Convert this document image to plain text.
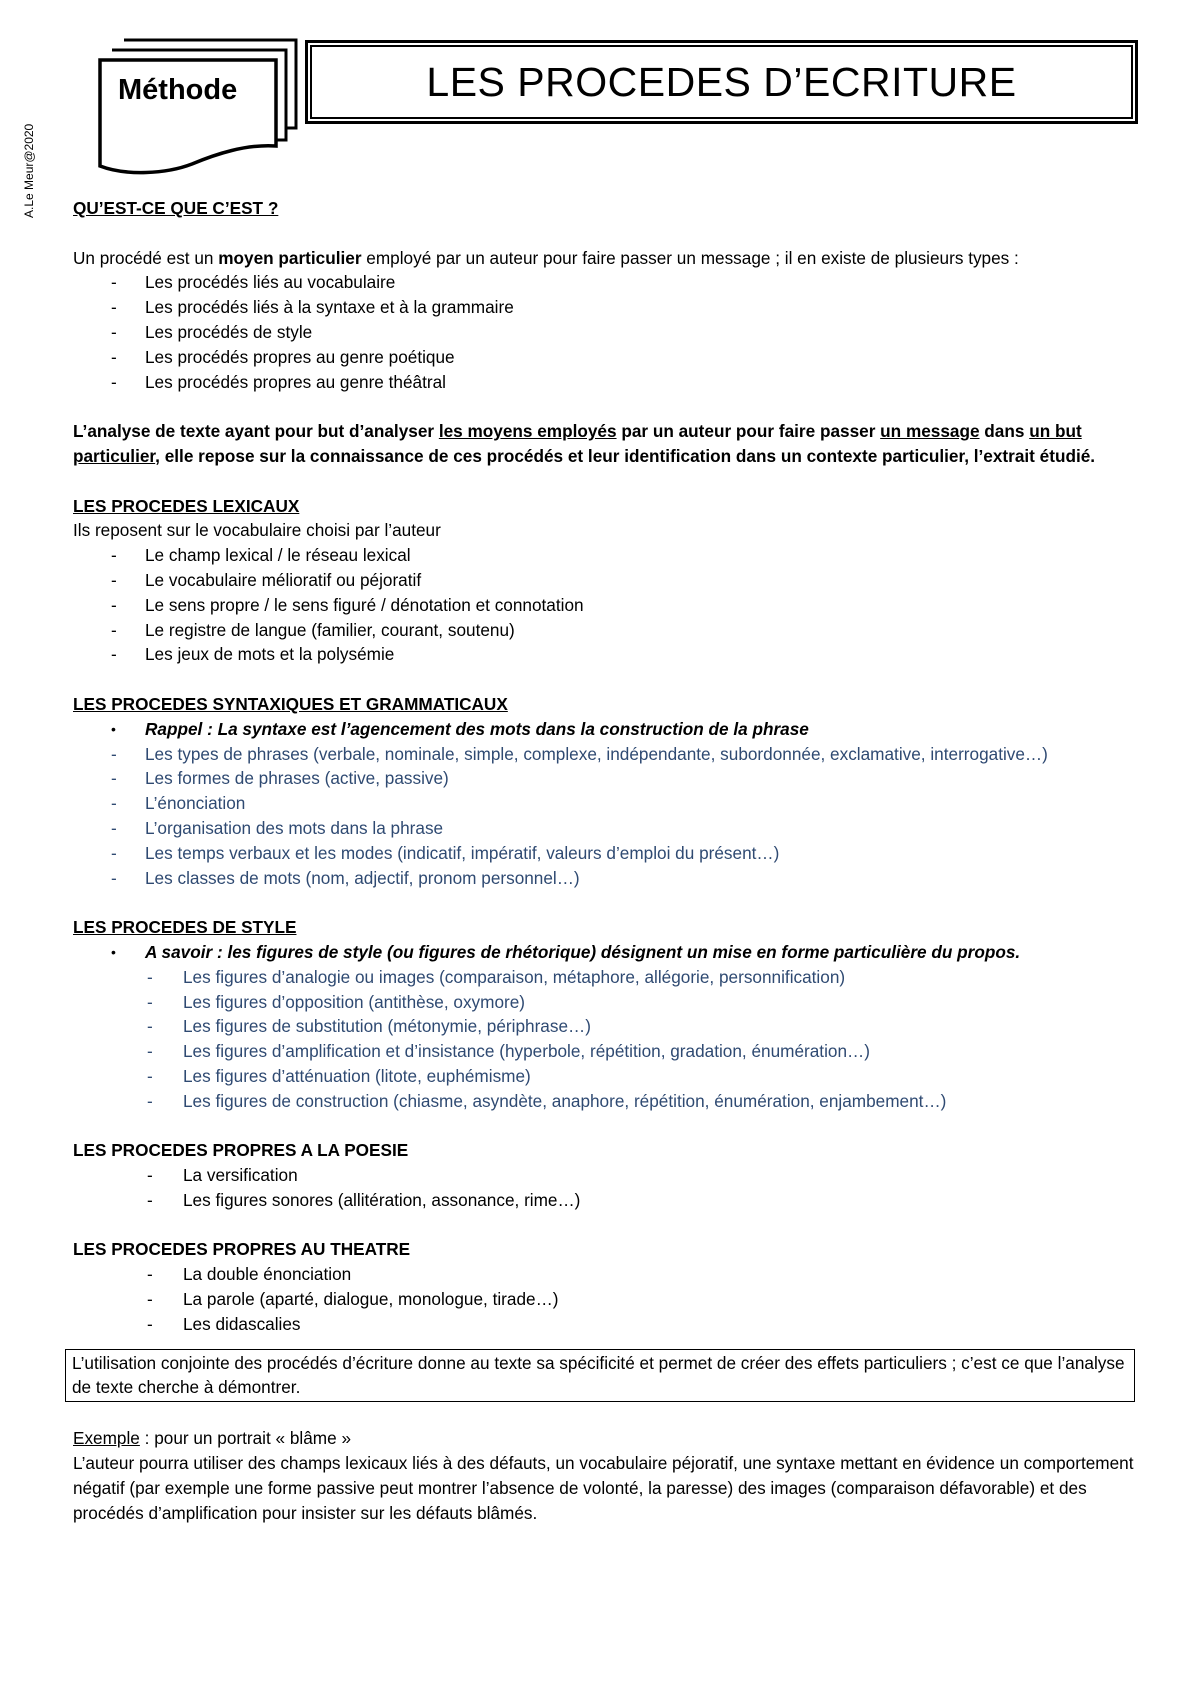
A.Le Meur@2020
Méthode	LES PROCEDES D’ECRITURE
QU’EST-CE QUE C’EST ?
Un procédé est un moyen particulier employé par un auteur pour faire passer un message ; il en existe de plusieurs types :
- Les procédés liés au vocabulaire
- Les procédés liés à la syntaxe et à la grammaire
- Les procédés de style
- Les procédés propres au genre poétique
- Les procédés propres au genre théâtral
L’analyse de texte ayant pour but d’analyser les moyens employés par un auteur pour faire passer un message dans un but
particulier, elle repose sur la connaissance de ces procédés et leur identification dans un contexte particulier, l’extrait étudié.
LES PROCEDES LEXICAUX
Ils reposent sur le vocabulaire choisi par l’auteur
- Le champ lexical / le réseau lexical
- Le vocabulaire mélioratif ou péjoratif
- Le sens propre / le sens figuré / dénotation et connotation
- Le registre de langue (familier, courant, soutenu)
- Les jeux de mots et la polysémie
LES PROCEDES SYNTAXIQUES ET GRAMMATICAUX
• Rappel : La syntaxe est l’agencement des mots dans la construction de la phrase
- Les types de phrases (verbale, nominale, simple, complexe, indépendante, subordonnée, exclamative, interrogative…)
- Les formes de phrases (active, passive)
- L’énonciation
- L’organisation des mots dans la phrase
- Les temps verbaux et les modes (indicatif, impératif, valeurs d’emploi du présent…)
- Les classes de mots (nom, adjectif, pronom personnel…)
LES PROCEDES DE STYLE
• A savoir : les figures de style (ou figures de rhétorique) désignent un mise en forme particulière du propos.
- Les figures d’analogie ou images (comparaison, métaphore, allégorie, personnification)
- Les figures d’opposition (antithèse, oxymore)
- Les figures de substitution (métonymie, périphrase…)
- Les figures d’amplification et d’insistance (hyperbole, répétition, gradation, énumération…)
- Les figures d’atténuation (litote, euphémisme)
- Les figures de construction (chiasme, asyndète, anaphore, répétition, énumération, enjambement…)
LES PROCEDES PROPRES A LA POESIE
- La versification
- Les figures sonores (allitération, assonance, rime…)
LES PROCEDES PROPRES AU THEATRE
- La double énonciation
- La parole (aparté, dialogue, monologue, tirade…)
- Les didascalies
L’utilisation conjointe des procédés d’écriture donne au texte sa spécificité et permet de créer des effets particuliers ; c’est ce que l’analyse de texte cherche à démontrer.
Exemple : pour un portrait « blâme »
L’auteur pourra utiliser des champs lexicaux liés à des défauts, un vocabulaire péjoratif, une syntaxe mettant en évidence un comportement négatif (par exemple une forme passive peut montrer l’absence de volonté, la paresse) des images (comparaison défavorable) et des procédés d’amplification pour insister sur les défauts blâmés.
